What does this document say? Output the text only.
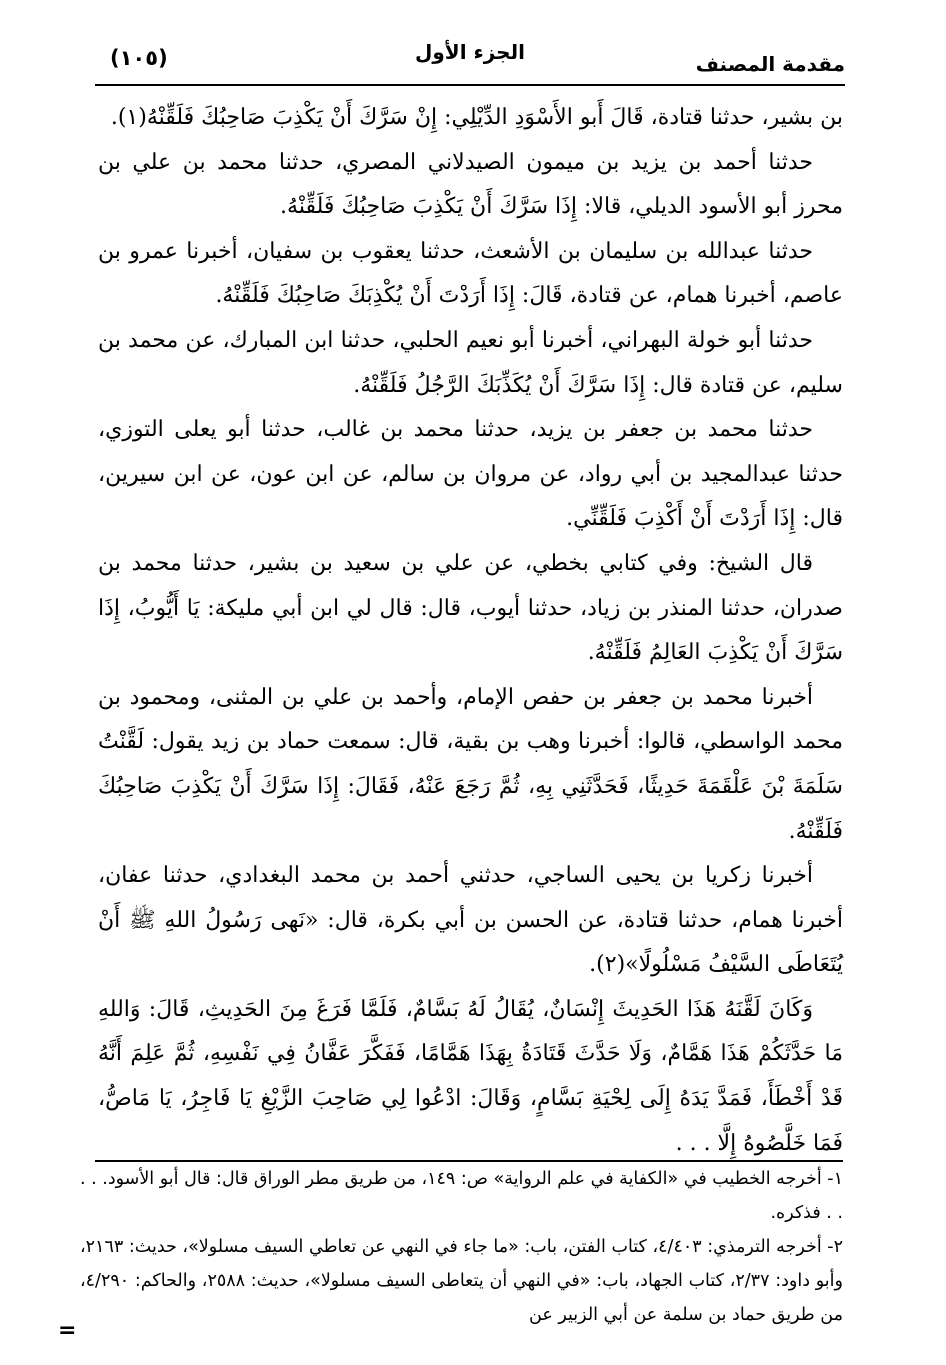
مقدمة المصنف
الجزء الأول
(١٠٥)

بن بشير، حدثنا قتادة، قَالَ أَبو الأَسْوَدِ الدِّيْلِي: إِنْ سَرَّكَ أَنْ يَكْذِبَ صَاحِبُكَ فَلَقِّنْهُ(١).

حدثنا أحمد بن يزيد بن ميمون الصيدلاني المصري، حدثنا محمد بن علي بن محرز أبو الأسود الديلي، قالا: إِذَا سَرَّكَ أَنْ يَكْذِبَ صَاحِبُكَ فَلَقِّنْهُ.

حدثنا عبدالله بن سليمان بن الأشعث، حدثنا يعقوب بن سفيان، أخبرنا عمرو بن عاصم، أخبرنا همام، عن قتادة، قَالَ: إِذَا أَرَدْتَ أَنْ يُكْذِبَكَ صَاحِبُكَ فَلَقِّنْهُ.

حدثنا أبو خولة البهراني، أخبرنا أبو نعيم الحلبي، حدثنا ابن المبارك، عن محمد بن سليم، عن قتادة قال: إِذَا سَرَّكَ أَنْ يُكَذِّبَكَ الرَّجُلُ فَلَقِّنْهُ.

حدثنا محمد بن جعفر بن يزيد، حدثنا محمد بن غالب، حدثنا أبو يعلى التوزي، حدثنا عبدالمجيد بن أبي رواد، عن مروان بن سالم، عن ابن عون، عن ابن سيرين، قال: إِذَا أَرَدْتَ أَنْ أَكْذِبَ فَلَقِّنِّي.

قال الشيخ: وفي كتابي بخطي، عن علي بن سعيد بن بشير، حدثنا محمد بن صدران، حدثنا المنذر بن زياد، حدثنا أيوب، قال: قال لي ابن أبي مليكة: يَا أَيُّوبُ، إِذَا سَرَّكَ أَنْ يَكْذِبَ العَالِمُ فَلَقِّنْهُ.

أخبرنا محمد بن جعفر بن حفص الإمام، وأحمد بن علي بن المثنى، ومحمود بن محمد الواسطي، قالوا: أخبرنا وهب بن بقية، قال: سمعت حماد بن زيد يقول: لَقَّنْتُ سَلَمَةَ بْنَ عَلْقَمَةَ حَدِيثًا، فَحَدَّثَنِي بِهِ، ثُمَّ رَجَعَ عَنْهُ، فَقَالَ: إِذَا سَرَّكَ أَنْ يَكْذِبَ صَاحِبُكَ فَلَقِّنْهُ.

أخبرنا زكريا بن يحيى الساجي، حدثني أحمد بن محمد البغدادي، حدثنا عفان، أخبرنا همام، حدثنا قتادة، عن الحسن بن أبي بكرة، قال: «نَهى رَسُولُ اللهِ ﷺ أَنْ يُتَعَاطَى السَّيْفُ مَسْلُولًا»(٢).

وَكَانَ لَقَّنَهُ هَذَا الحَدِيثَ إِنْسَانٌ، يُقَالُ لَهُ بَسَّامٌ، فَلَمَّا فَرَغَ مِنَ الحَدِيثِ، قَالَ: وَاللهِ مَا حَدَّثَكُمْ هَذَا هَمَّامٌ، وَلَا حَدَّثَ قَتَادَةُ بِهَذَا هَمَّامًا، فَفَكَّرَ عَفَّانُ فِي نَفْسِهِ، ثُمَّ عَلِمَ أَنَّهُ قَدْ أَخْطَأَ، فَمَدَّ يَدَهُ إِلَى لِحْيَةِ بَسَّامٍ، وَقَالَ: ادْعُوا لِي صَاحِبَ الزَّيْغِ يَا فَاجِرُ، يَا مَاصُّ، فَمَا خَلَّصُوهُ إِلَّا . . .

١- أخرجه الخطيب في «الكفاية في علم الرواية» ص: ١٤٩، من طريق مطر الوراق قال: قال أبو الأسود. . . . . فذكره.

٢- أخرجه الترمذي: ٤/٤٠٣، كتاب الفتن، باب: «ما جاء في النهي عن تعاطي السيف مسلولا»، حديث: ٢١٦٣، وأبو داود: ٢/٣٧، كتاب الجهاد، باب: «في النهي أن يتعاطى السيف مسلولا»، حديث: ٢٥٨٨، والحاكم: ٤/٢٩٠، من طريق حماد بن سلمة عن أبي الزبير عن

=
